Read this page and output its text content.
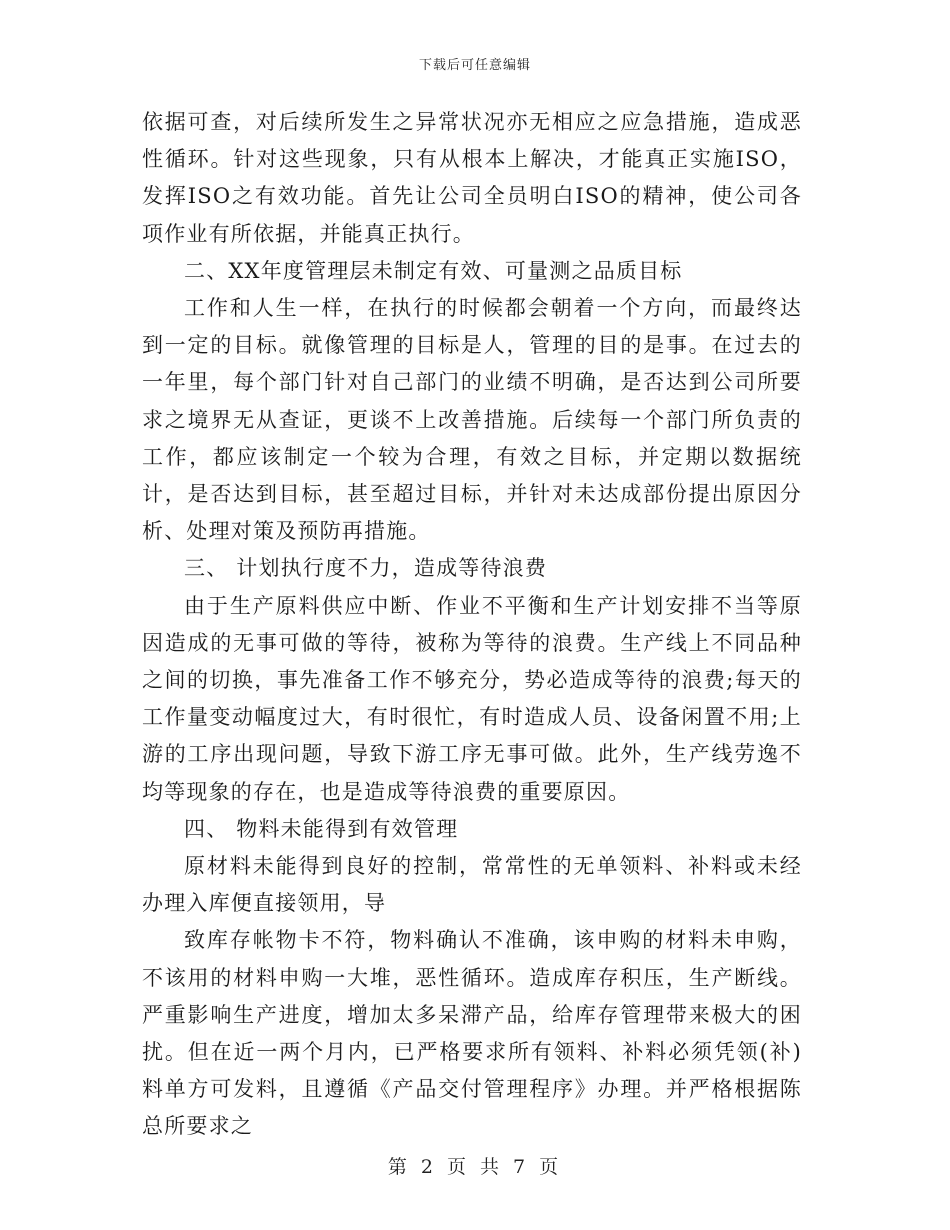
下载后可任意编辑

依据可查，对后续所发生之异常状况亦无相应之应急措施，造成恶性循环。针对这些现象，只有从根本上解决，才能真正实施ISO，发挥ISO之有效功能。首先让公司全员明白ISO的精神，使公司各项作业有所依据，并能真正执行。

二、XX年度管理层未制定有效、可量测之品质目标

工作和人生一样，在执行的时候都会朝着一个方向，而最终达到一定的目标。就像管理的目标是人，管理的目的是事。在过去的一年里，每个部门针对自己部门的业绩不明确，是否达到公司所要求之境界无从查证，更谈不上改善措施。后续每一个部门所负责的工作，都应该制定一个较为合理，有效之目标，并定期以数据统计，是否达到目标，甚至超过目标，并针对未达成部份提出原因分析、处理对策及预防再措施。

三、 计划执行度不力，造成等待浪费

由于生产原料供应中断、作业不平衡和生产计划安排不当等原因造成的无事可做的等待，被称为等待的浪费。生产线上不同品种之间的切换，事先准备工作不够充分，势必造成等待的浪费;每天的工作量变动幅度过大，有时很忙，有时造成人员、设备闲置不用;上游的工序出现问题，导致下游工序无事可做。此外，生产线劳逸不均等现象的存在，也是造成等待浪费的重要原因。

四、 物料未能得到有效管理

原材料未能得到良好的控制，常常性的无单领料、补料或未经办理入库便直接领用，导

致库存帐物卡不符，物料确认不准确，该申购的材料未申购，不该用的材料申购一大堆，恶性循环。造成库存积压，生产断线。严重影响生产进度，增加太多呆滞产品，给库存管理带来极大的困扰。但在近一两个月内，已严格要求所有领料、补料必须凭领(补)料单方可发料，且遵循《产品交付管理程序》办理。并严格根据陈总所要求之

第 2 页 共 7 页
